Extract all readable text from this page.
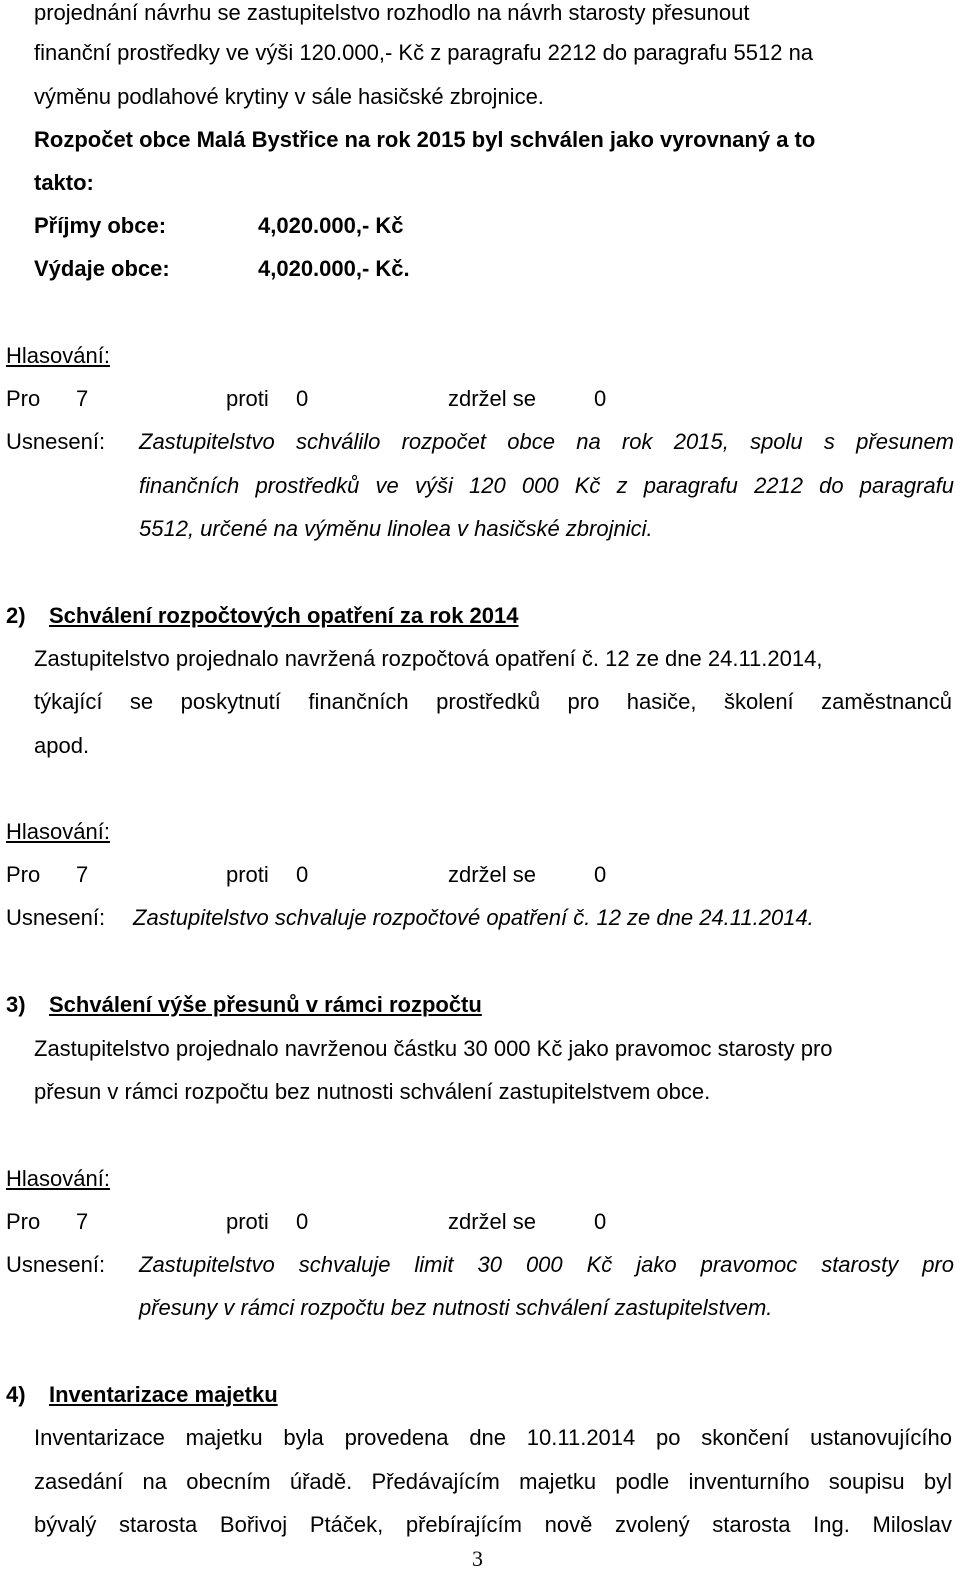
projednání návrhu se zastupitelstvo rozhodlo na návrh starosty přesunout
finanční prostředky ve výši 120.000,- Kč z paragrafu 2212 do paragrafu 5512 na
výměnu podlahové krytiny v sále hasičské zbrojnice.
Rozpočet obce Malá Bystřice na rok 2015 byl schválen jako vyrovnaný a to
takto:
Příjmy obce:	4,020.000,- Kč
Výdaje obce:	4,020.000,- Kč.
Hlasování:
Pro 7	proti 0	zdržel se	0
Usnesení: Zastupitelstvo schválilo rozpočet obce na rok 2015, spolu s přesunem
finančních prostředků ve výši 120 000 Kč z paragrafu 2212 do paragrafu
5512, určené na výměnu linolea v hasičské zbrojnici.
2) Schválení rozpočtových opatření za rok 2014
Zastupitelstvo projednalo navržená rozpočtová opatření č. 12 ze dne 24.11.2014,
týkající se poskytnutí finančních prostředků pro hasiče, školení zaměstnanců
apod.
Hlasování:
Pro 7	proti 0	zdržel se	0
Usnesení: Zastupitelstvo schvaluje rozpočtové opatření č. 12 ze dne 24.11.2014.
3) Schválení výše přesunů v rámci rozpočtu
Zastupitelstvo projednalo navrženou částku 30 000 Kč jako pravomoc starosty pro
přesun v rámci rozpočtu bez nutnosti schválení zastupitelstvem obce.
Hlasování:
Pro 7	proti 0	zdržel se	0
Usnesení: Zastupitelstvo schvaluje limit 30 000 Kč jako pravomoc starosty pro
přesuny v rámci rozpočtu bez nutnosti schválení zastupitelstvem.
4) Inventarizace majetku
Inventarizace majetku byla provedena dne 10.11.2014 po skončení ustanovujícího
zasedání na obecním úřadě. Předávajícím majetku podle inventurního soupisu byl
bývalý starosta Bořivoj Ptáček, přebírajícím nově zvolený starosta Ing. Miloslav
3
